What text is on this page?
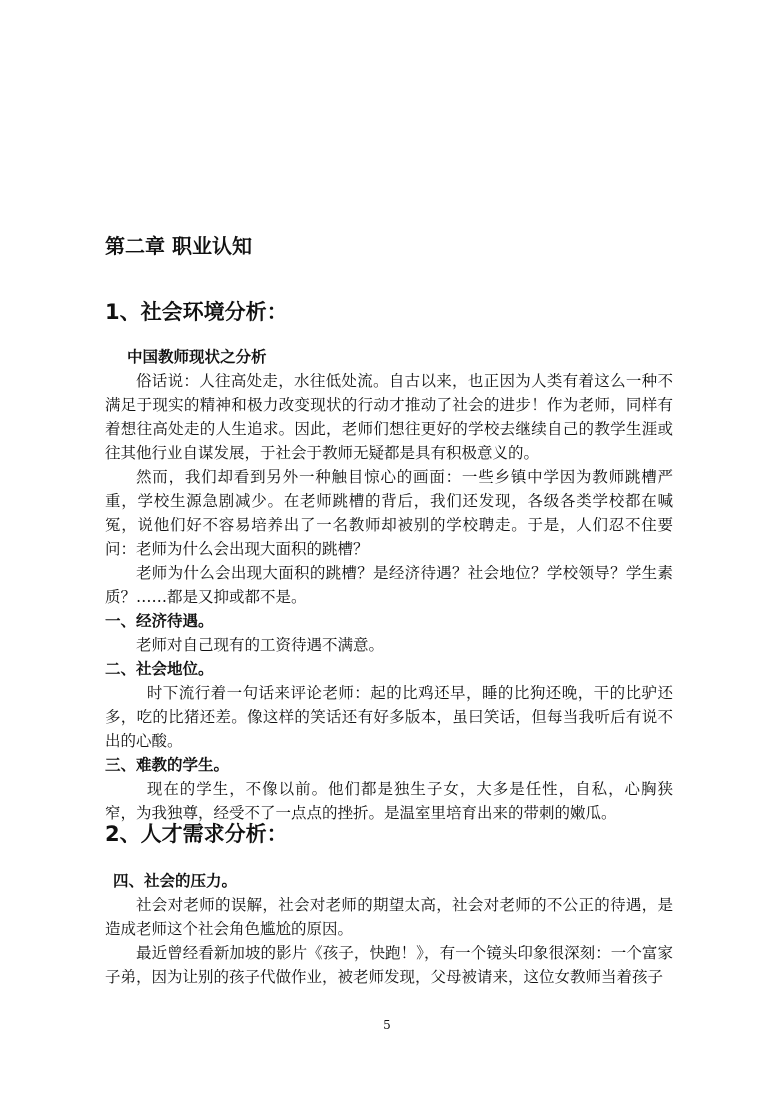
第二章 职业认知
1、社会环境分析：

中国教师现状之分析

俗话说：人往高处走，水往低处流。自古以来，也正因为人类有着这么一种不满足于现实的精神和极力改变现状的行动才推动了社会的进步！作为老师，同样有着想往高处走的人生追求。因此，老师们想往更好的学校去继续自己的教学生涯或往其他行业自谋发展，于社会于教师无疑都是具有积极意义的。

然而，我们却看到另外一种触目惊心的画面：一些乡镇中学因为教师跳槽严重，学校生源急剧减少。在老师跳槽的背后，我们还发现，各级各类学校都在喊冤，说他们好不容易培养出了一名教师却被别的学校聘走。于是，人们忍不住要问：老师为什么会出现大面积的跳槽？

老师为什么会出现大面积的跳槽？是经济待遇？社会地位？学校领导？学生素质？……都是又抑或都不是。

一、经济待遇。

老师对自己现有的工资待遇不满意。

二、社会地位。

时下流行着一句话来评论老师：起的比鸡还早，睡的比狗还晚，干的比驴还多，吃的比猪还差。像这样的笑话还有好多版本，虽曰笑话，但每当我听后有说不出的心酸。

三、难教的学生。

现在的学生，不像以前。他们都是独生子女，大多是任性，自私，心胸狭窄，为我独尊，经受不了一点点的挫折。是温室里培育出来的带刺的嫩瓜。

2、人才需求分析：

四、社会的压力。

社会对老师的误解，社会对老师的期望太高，社会对老师的不公正的待遇，是造成老师这个社会角色尴尬的原因。

最近曾经看新加坡的影片《孩子，快跑！》，有一个镜头印象很深刻：一个富家子弟，因为让别的孩子代做作业，被老师发现，父母被请来，这位女教师当着孩子

5
